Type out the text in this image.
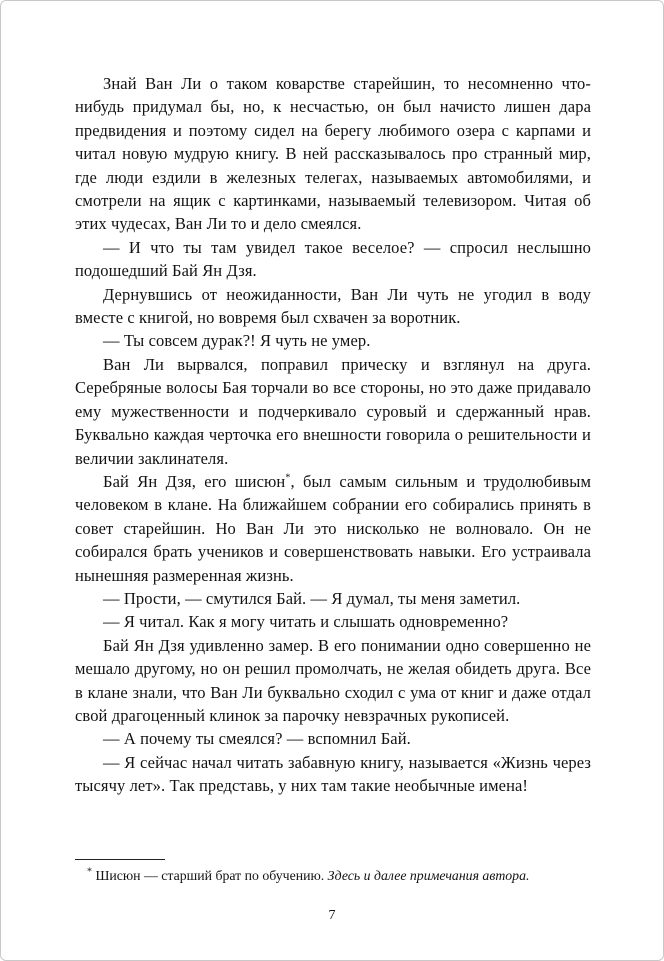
Знай Ван Ли о таком коварстве старейшин, то несомненно что-нибудь придумал бы, но, к несчастью, он был начисто лишен дара предвидения и поэтому сидел на берегу любимого озера с карпами и читал новую мудрую книгу. В ней рассказывалось про странный мир, где люди ездили в железных телегах, называемых автомобилями, и смотрели на ящик с картинками, называемый телевизором. Читая об этих чудесах, Ван Ли то и дело смеялся.

— И что ты там увидел такое веселое? — спросил неслышно подошедший Бай Ян Дзя.

Дернувшись от неожиданности, Ван Ли чуть не угодил в воду вместе с книгой, но вовремя был схвачен за воротник.

— Ты совсем дурак?! Я чуть не умер.

Ван Ли вырвался, поправил прическу и взглянул на друга. Серебряные волосы Бая торчали во все стороны, но это даже придавало ему мужественности и подчеркивало суровый и сдержанный нрав. Буквально каждая черточка его внешности говорила о решительности и величии заклинателя.

Бай Ян Дзя, его шисюн*, был самым сильным и трудолюбивым человеком в клане. На ближайшем собрании его собирались принять в совет старейшин. Но Ван Ли это нисколько не волновало. Он не собирался брать учеников и совершенствовать навыки. Его устраивала нынешняя размеренная жизнь.

— Прости, — смутился Бай. — Я думал, ты меня заметил.

— Я читал. Как я могу читать и слышать одновременно?

Бай Ян Дзя удивленно замер. В его понимании одно совершенно не мешало другому, но он решил промолчать, не желая обидеть друга. Все в клане знали, что Ван Ли буквально сходил с ума от книг и даже отдал свой драгоценный клинок за парочку невзрачных рукописей.

— А почему ты смеялся? — вспомнил Бай.

— Я сейчас начал читать забавную книгу, называется «Жизнь через тысячу лет». Так представь, у них там такие необычные имена!

* Шисюн — старший брат по обучению. Здесь и далее примечания автора.

7
